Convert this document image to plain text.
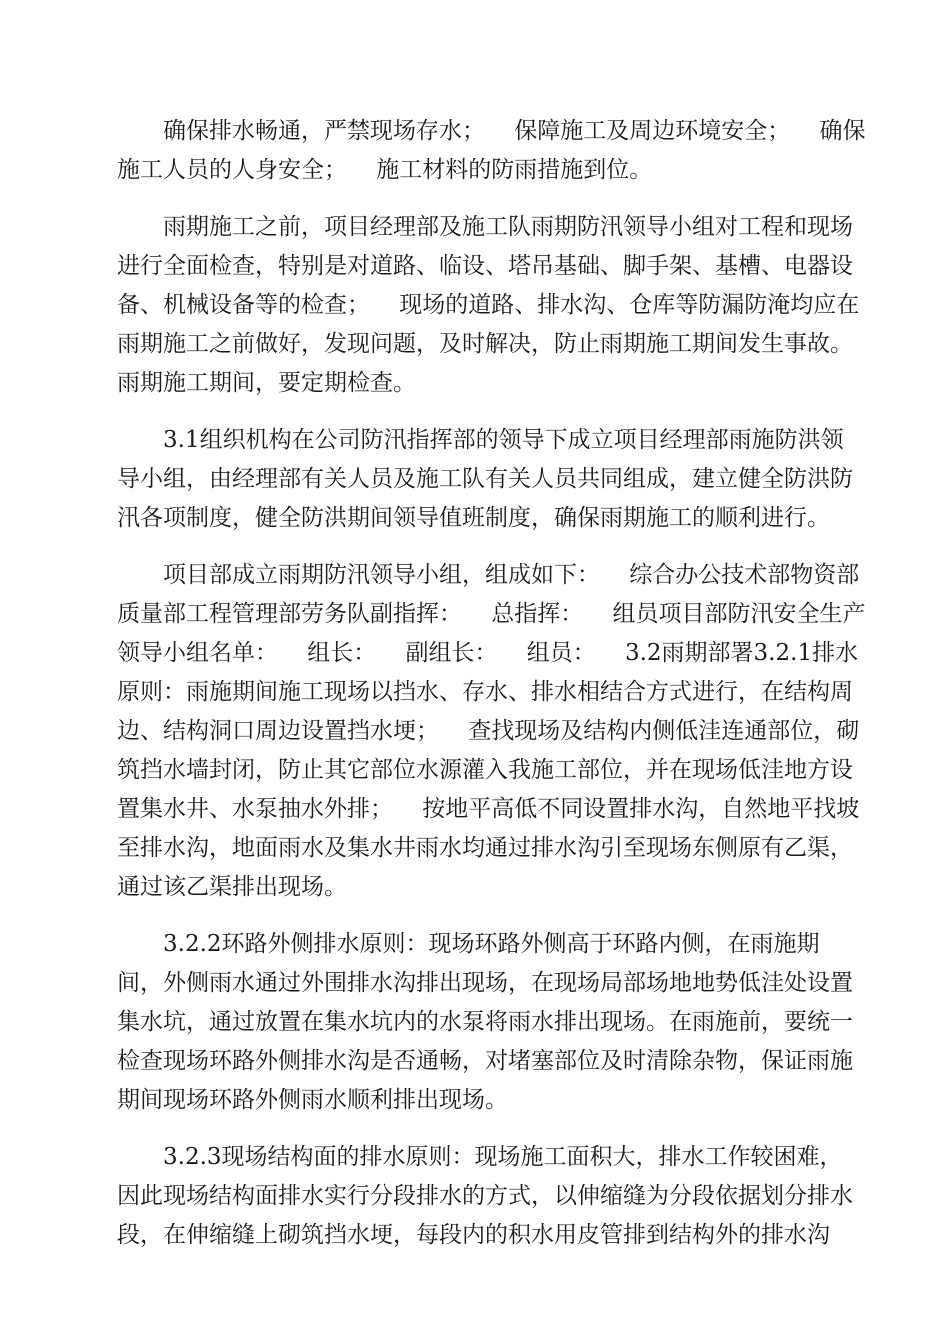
确保排水畅通，严禁现场存水；    保障施工及周边环境安全；    确保
施工人员的人身安全；    施工材料的防雨措施到位。
雨期施工之前，项目经理部及施工队雨期防汛领导小组对工程和现场
进行全面检查，特别是对道路、临设、塔吊基础、脚手架、基槽、电器设
备、机械设备等的检查；    现场的道路、排水沟、仓库等防漏防淹均应在
雨期施工之前做好，发现问题，及时解决，防止雨期施工期间发生事故。
雨期施工期间，要定期检查。
3.1组织机构在公司防汛指挥部的领导下成立项目经理部雨施防洪领
导小组，由经理部有关人员及施工队有关人员共同组成，建立健全防洪防
汛各项制度，健全防洪期间领导值班制度，确保雨期施工的顺利进行。
项目部成立雨期防汛领导小组，组成如下：    综合办公技术部物资部
质量部工程管理部劳务队副指挥：    总指挥：    组员项目部防汛安全生产
领导小组名单：    组长：    副组长：    组员：    3.2雨期部署3.2.1排水
原则：雨施期间施工现场以挡水、存水、排水相结合方式进行，在结构周
边、结构洞口周边设置挡水埂；    查找现场及结构内侧低洼连通部位，砌
筑挡水墙封闭，防止其它部位水源灌入我施工部位，并在现场低洼地方设
置集水井、水泵抽水外排；    按地平高低不同设置排水沟，自然地平找坡
至排水沟，地面雨水及集水井雨水均通过排水沟引至现场东侧原有乙渠，
通过该乙渠排出现场。
3.2.2环路外侧排水原则：现场环路外侧高于环路内侧，在雨施期
间，外侧雨水通过外围排水沟排出现场，在现场局部场地地势低洼处设置
集水坑，通过放置在集水坑内的水泵将雨水排出现场。在雨施前，要统一
检查现场环路外侧排水沟是否通畅，对堵塞部位及时清除杂物，保证雨施
期间现场环路外侧雨水顺利排出现场。
3.2.3现场结构面的排水原则：现场施工面积大，排水工作较困难，
因此现场结构面排水实行分段排水的方式，以伸缩缝为分段依据划分排水
段，在伸缩缝上砌筑挡水埂，每段内的积水用皮管排到结构外的排水沟
